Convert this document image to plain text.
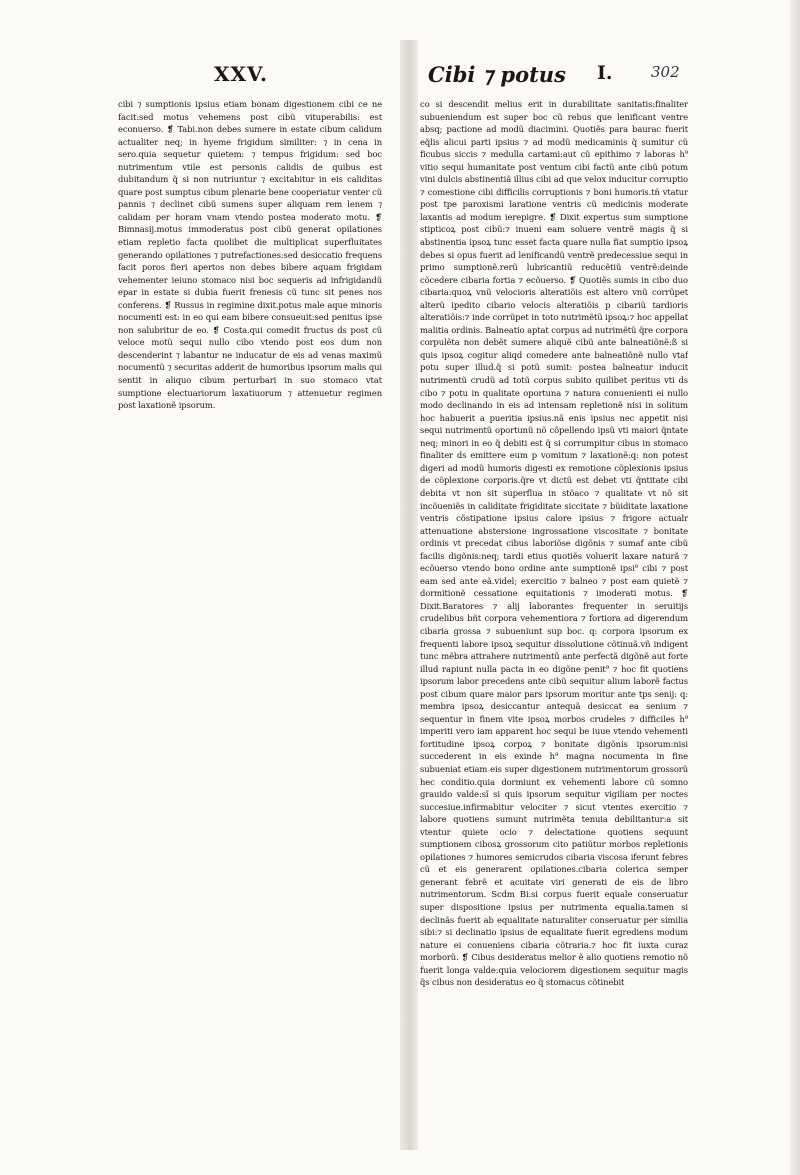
XXV.	Cibi ⁊ potus I.	302

cibi ⁊ sumptionis ipsius etiam bonam digestionem cibi ce ne facit:sed motus vehemens post cibũ vituperabilis: est econuerso. ❡ Tabi.non debes sumere in estate cibum calidum actualiter neq; in hyeme frigidum similiter: ⁊ in cena in sero.quia sequetur quietem: ⁊ tempus frigidum: sed boc nutrimentum vtile est personis calidis de quibus est dubitandum q̃ si non nutriuntur ⁊ excitabitur in eis caliditas quare post sumptus cibum plenarie bene cooperiatur venter cũ pannis ⁊ declinet cibũ sumens super aliquam rem lenem ⁊ calidam per horam vnam vtendo postea moderato motu. ❡ Bimnasij.motus immoderatus post cibũ generat opilationes etiam repletio facta quolibet die multiplicat superfluitates generando opilationes ⁊ putrefactiones:sed desiccatio frequens facit poros fieri apertos non debes bibere aquam frigidam vehementer ieiuno stomaco nisi boc sequeris ad infrigidandũ epar in estate si dubia fuerit frenesis cũ tunc sit penes nos conferens. ❡ Russus in regimine dixit.potus male aque minoris nocumenti est: in eo qui eam bibere consueuit:sed penitus ipse non salubritur de eo. ❡ Costa.qui comedit fructus ds post cũ veloce motũ sequi nullo cibo vtendo post eos dum non descenderint ⁊ labantur ne inducatur de eis ad venas maximũ nocumentũ ⁊ securitas adderit de humoribus ipsorum malis qui sentit in aliquo cibum perturbari in suo stomaco vtat sumptione electuariorum laxatiuorum ⁊ attenuetur regimen post laxationẽ ipsorum.

co si descendit melius erit in durabilitate sanitatis:finaliter subueniendum est super boc cũ rebus que lenificant ventre absq; pactione ad modũ diacimini. Quotiẽs para baurac fuerit eq̃lis alicui parti ipsius ⁊ ad modũ medicaminis q̃ sumitur cũ ficubus siccis ⁊ medulla cartami:aut cũ epithimo ⁊ laboras h⁹ vitio sequi humanitate post ventum cibi factũ ante cibũ potum vini dulcis abstinentiã illius cibi ad que velox inducitur corruptio ⁊ comestione cibi difficilis corruptionis ⁊ boni humoris.tñ vtatur post tpe paroxismi laratione ventris cũ medicinis moderate laxantis ad modum ierepigre. ❡ Dixit expertus sum sumptione stipticoꝝ post cibũ:⁊ inueni eam soluere ventrẽ magis q̃ si abstinentia ipsoꝝ tunc esset facta quare nulla fiat sumptio ipsoꝝ debes si opus fuerit ad lenificandũ ventrẽ predecessiue sequi in primo sumptionẽ.rerũ lubricantiũ reducẽtiũ ventrẽ:deinde cõcedere cibaria fortia ⁊ ecõuerso. ❡ Quotiẽs sumis in cibo duo cibaria:quoꝝ vnũ velocioris alteratiõis est altero vnũ corrũpet alterũ ipedito cibario velocis alteratiõis p cibariũ tardioris alteratiõis:⁊ inde corrũpet in toto nutrimẽtũ ipsoꝝ:⁊ hoc appellat malitia ordinis. Balneatio aptat corpus ad nutrimẽtũ q̃re corpora corpulẽta non debẽt sumere aliquẽ cibũ ante balneatiõnẽ:ß si quis ipsoꝝ cogitur aliqd comedere ante balneatiõnẽ nullo vtaf potu super illud.q̃ si potũ sumit: postea balneatur inducit nutrimentũ crudũ ad totũ corpus subito quilibet peritus vti ds cibo ⁊ potu in qualitate oportuna ⁊ natura conuenienti ei nullo modo declinando in eis ad intensam repletionẽ nisi in solitum hoc habuerit a pueritia ipsius.nã enis ipsius nec appetit nisi sequi nutrimentũ oportunũ nõ cõpellendo ipsũ vti maiori q̃ntate neq; minori in eo q̃ debiti est q̃ si corrumpitur cibus in stomaco finaliter ds emittere eum p vomitum ⁊ laxationẽ:q: non potest digeri ad modũ humoris digesti ex remotione cõplexionis ipsius de cõplexione corporis.q̃re vt dictũ est debet vti q̃ntitate cibi debita vt non sit superflua in stõaco ⁊ qualitate vt nõ sit incõueniẽs in caliditate frigiditate siccitate ⁊ bũiditate laxatione ventris cõstipatione ipsius calore ipsius ⁊ frigore actualr attenuatione abstersione ingrossatione viscositate ⁊ bonitate ordinis vt precedat cibus laboriõse digõnis ⁊ sumaf ante cibũ facilis digõnis:neq; tardi etius quotiẽs voluerit laxare natură ⁊ ecõuerso vtendo bono ordine ante sumptionẽ ipsi⁹ cibi ⁊ post eam sed ante eã.videl; exercitio ⁊ balneo ⁊ post eam quietẽ ⁊ dormitionẽ cessatione equitationis ⁊ imoderati motus. ❡ Dixit.Baratores ⁊ alij laborantes frequenter in seruitijs crudelibus bñt corpora vehementiora ⁊ fortiora ad digerendum cibaria grossa ⁊ subueniunt sup boc. q: corpora ipsorum ex frequenti labore ipsoꝝ sequitur dissolutione cõtinuã.vñ indigent tunc mẽbra attrahere nutrimentũ ante perfectã digõnẽ aut forte illud rapiunt nulla pacta in eo digõne penit⁹ ⁊ hoc fit quotiens ipsorum labor precedens ante cibũ sequitur alium laborẽ factus post cibum quare maior pars ipsorum moritur ante tps senij: q: membra ipsoꝝ desiccantur antequã desiccat ea senium ⁊ sequentur in finem vite ipsoꝝ morbos crudeles ⁊ difficiles h⁹ imperiti vero iam apparent hoc sequi be iuue vtendo vehementi fortitudine ipsoꝝ corpoꝝ ⁊ bonitate digõnis ipsorum:nisi succederent in eis exinde h⁹ magna nocumenta in fine subueniat etiam eis super digestionem nutrimentorum grossorũ hec conditio.quia dormiunt ex vehementi labore cũ somno grauido valde:sĩ si quis ipsorum sequitur vigiliam per noctes succesiue.infirmabitur velociter ⁊ sicut vtentes exercitio ⁊ labore quotiens sumunt nutrimẽta tenuia debilitantur:a sit vtentur quiete ocio ⁊ delectatione quotiens sequunt sumptionem cibosꝝ grossorum cito patiũtur morbos repletionis opilationes ⁊ humores semicrudos cibaria viscosa iferunt febres cũ et eis generarent opilationes.cibaria colerica semper generant febrẽ et acuitate viri generati de eis de libro nutrimentorum. Scdm Bi.si corpus fuerit equale conseruatur super dispositione ipsius per nutrimenta equalia.tamen si declinãs fuerit ab equalitate naturaliter conseruatur per similia sibi:⁊ si declinatio ipsius de equalitate fuerit egrediens modum nature ei conueniens cibaria cõtraria.⁊ hoc fit iuxta curaz morborũ. ❡ Cibus desideratus melior ẽ alio quotiens remotio nõ fuerit longa valde:quia velociorem digestionem sequitur magis q̃s cibus non desideratus eo q̃ stomacus cõtinebit
